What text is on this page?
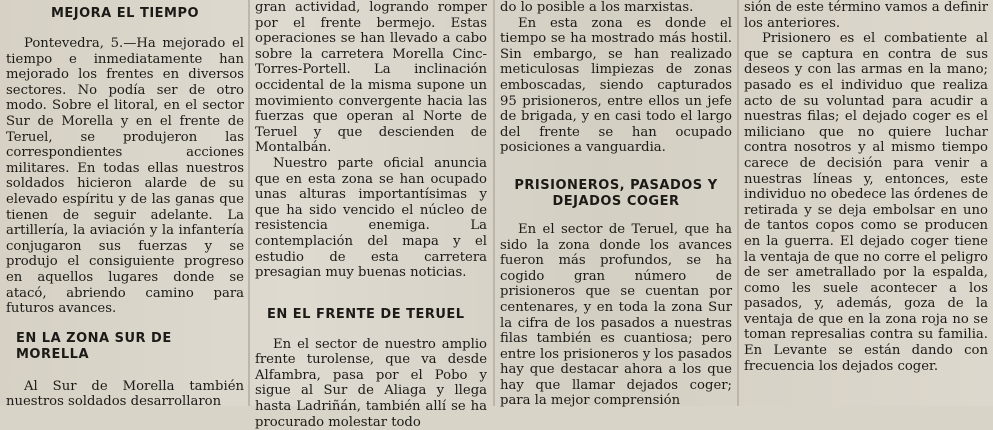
MEJORA EL TIEMPO

Pontevedra, 5.—Ha mejorado el tiempo e inmediatamente han mejorado los frentes en diversos sectores. No podía ser de otro modo. Sobre el litoral, en el sector Sur de Morella y en el frente de Teruel, se produjeron las correspondientes acciones militares. En todas ellas nuestros soldados hicieron alarde de su elevado espíritu y de las ganas que tienen de seguir adelante. La artillería, la aviación y la infantería conjugaron sus fuerzas y se produjo el consiguiente progreso en aquellos lugares donde se atacó, abriendo camino para futuros avances.

EN LA ZONA SUR DE MORELLA

Al Sur de Morella también nuestros soldados desarrollaron

gran actividad, logrando romper por el frente bermejo. Estas operaciones se han llevado a cabo sobre la carretera Morella Cinc-Torres-Portell. La inclinación occidental de la misma supone un movimiento convergente hacia las fuerzas que operan al Norte de Teruel y que descienden de Montalbán.

Nuestro parte oficial anuncia que en esta zona se han ocupado unas alturas importantísimas y que ha sido vencido el núcleo de resistencia enemiga. La contemplación del mapa y el estudio de esta carretera presagian muy buenas noticias.

EN EL FRENTE DE TERUEL

En el sector de nuestro amplio frente turolense, que va desde Alfambra, pasa por el Pobo y sigue al Sur de Aliaga y llega hasta Ladriñán, también allí se ha procurado molestar todo

do lo posible a los marxistas.

En esta zona es donde el tiempo se ha mostrado más hostil. Sin embargo, se han realizado meticulosas limpiezas de zonas emboscadas, siendo capturados 95 prisioneros, entre ellos un jefe de brigada, y en casi todo el largo del frente se han ocupado posiciones a vanguardia.

PRISIONEROS, PASADOS Y DEJADOS COGER

En el sector de Teruel, que ha sido la zona donde los avances fueron más profundos, se ha cogido gran número de prisioneros que se cuentan por centenares, y en toda la zona Sur la cifra de los pasados a nuestras filas también es cuantiosa; pero entre los prisioneros y los pasados hay que destacar ahora a los que hay que llamar dejados coger; para la mejor comprensión

sión de este término vamos a definir los anteriores.

Prisionero es el combatiente al que se captura en contra de sus deseos y con las armas en la mano; pasado es el individuo que realiza acto de su voluntad para acudir a nuestras filas; el dejado coger es el miliciano que no quiere luchar contra nosotros y al mismo tiempo carece de decisión para venir a nuestras líneas y, entonces, este individuo no obedece las órdenes de retirada y se deja embolsar en uno de tantos copos como se producen en la guerra. El dejado coger tiene la ventaja de que no corre el peligro de ser ametrallado por la espalda, como les suele acontecer a los pasados, y, además, goza de la ventaja de que en la zona roja no se toman represalias contra su familia. En Levante se están dando con frecuencia los dejados coger.
